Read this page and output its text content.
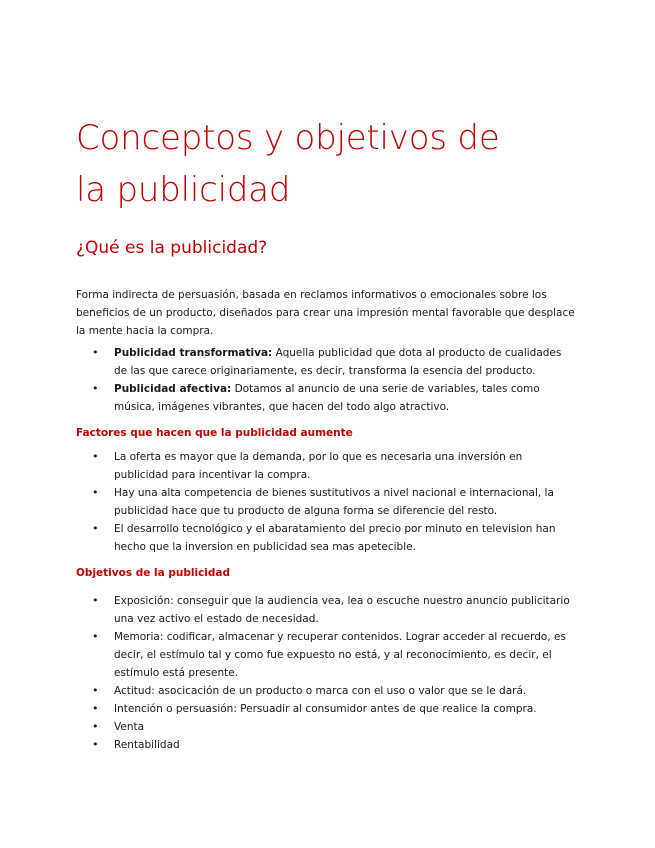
Conceptos y objetivos de
la publicidad
¿Qué es la publicidad?

Forma indirecta de persuasión, basada en reclamos informativos o emocionales sobre los beneficios de un producto, diseñados para crear una impresión mental favorable que desplace la mente hacia la compra.

• Publicidad transformativa: Aquella publicidad que dota al producto de cualidades de las que carece originariamente, es decir, transforma la esencia del producto.
• Publicidad afectiva: Dotamos al anuncio de una serie de variables, tales como música, imágenes vibrantes, que hacen del todo algo atractivo.
Factores que hacen que la publicidad aumente
• La oferta es mayor que la demanda, por lo que es necesaria una inversión en publicidad para incentivar la compra.
• Hay una alta competencia de bienes sustitutivos a nivel nacional e internacional, la publicidad hace que tu producto de alguna forma se diferencie del resto.
• El desarrollo tecnológico y el abaratamiento del precio por minuto en television han hecho que la inversion en publicidad sea mas apetecible.
Objetivos de la publicidad
• Exposición: conseguir que la audiencia vea, lea o escuche nuestro anuncio publicitario una vez activo el estado de necesidad.
• Memoria: codificar, almacenar y recuperar contenidos. Lograr acceder al recuerdo, es decir, el estímulo tal y como fue expuesto no está, y al reconocimiento, es decir, el estímulo está presente.
• Actitud: asocicación de un producto o marca con el uso o valor que se le dará.
• Intención o persuasión: Persuadir al consumidor antes de que realice la compra.
• Venta
• Rentabilidad
